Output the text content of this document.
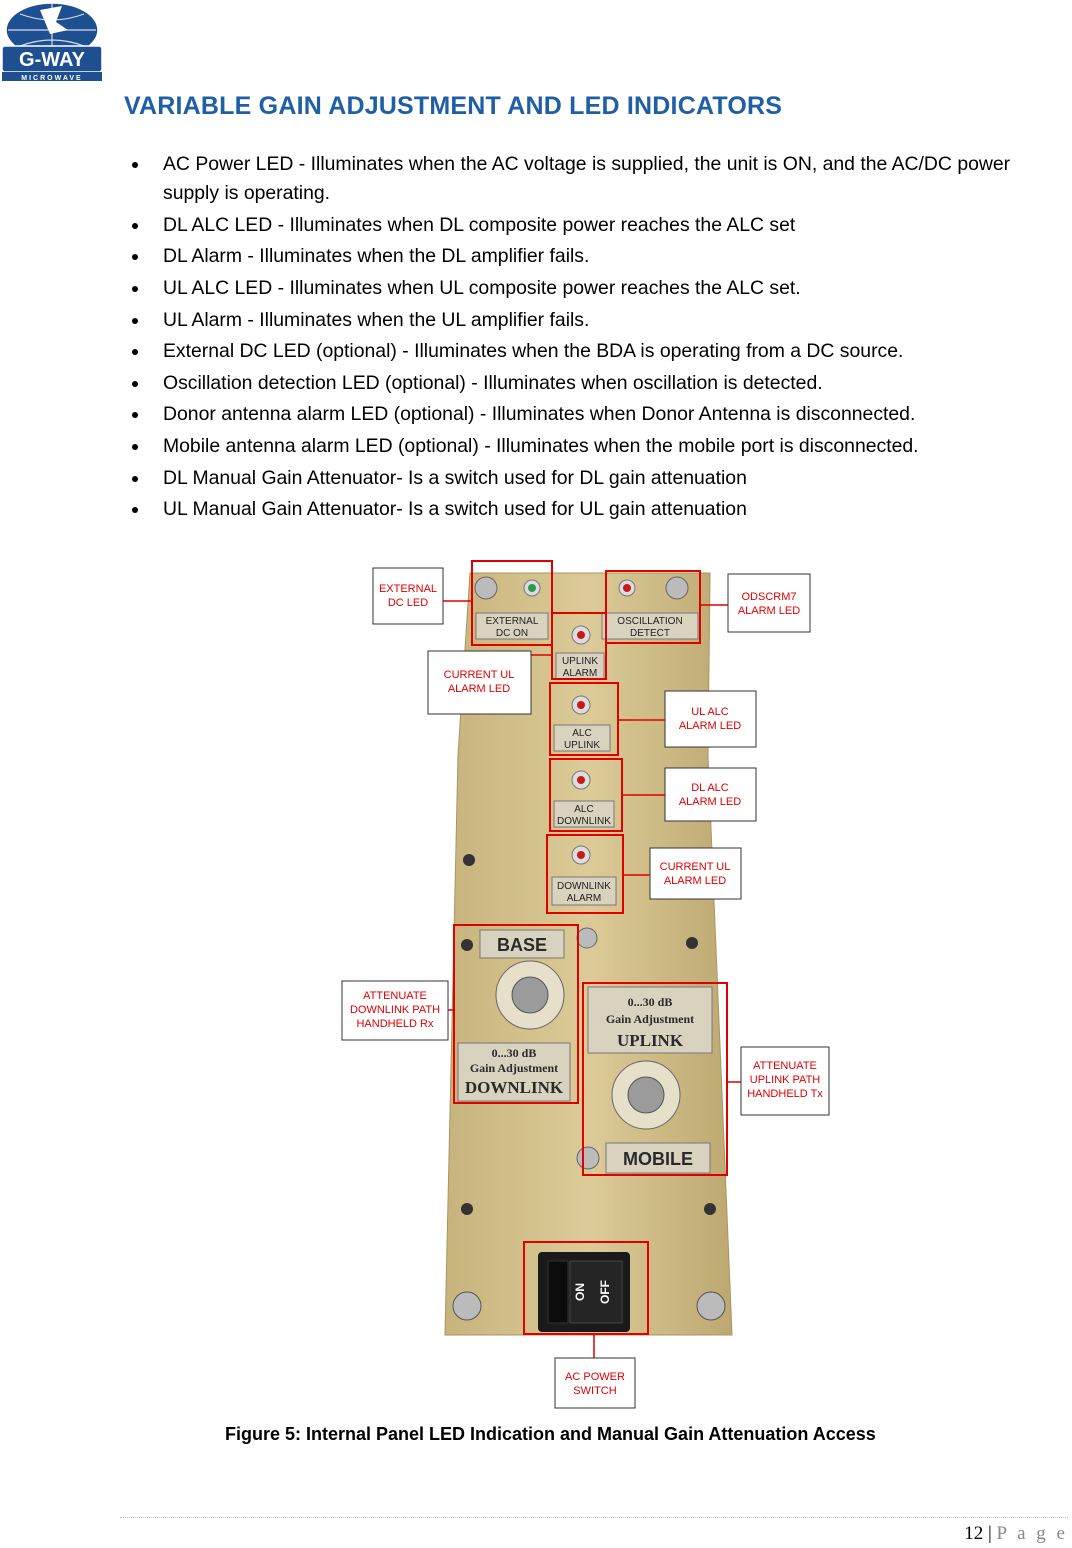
G-WAY
MICROWAVE
VARIABLE GAIN ADJUSTMENT AND LED INDICATORS
AC Power LED - Illuminates when the AC voltage is supplied, the unit is ON, and the AC/DC power supply is operating.
DL ALC LED - Illuminates when DL composite power reaches the ALC set
DL Alarm - Illuminates when the DL amplifier fails.
UL ALC LED - Illuminates when UL composite power reaches the ALC set.
UL Alarm - Illuminates when the UL amplifier fails.
External DC LED (optional) - Illuminates when the BDA is operating from a DC source.
Oscillation detection LED (optional) - Illuminates when oscillation is detected.
Donor antenna alarm LED (optional) - Illuminates when Donor Antenna is disconnected.
Mobile antenna alarm LED (optional) - Illuminates when the mobile port is disconnected.
DL Manual Gain Attenuator- Is a switch used for DL gain attenuation
UL Manual Gain Attenuator- Is a switch used for UL gain attenuation
EXTERNAL
DC ON
OSCILLATION
DETECT
UPLINK
ALARM
ALC
UPLINK
ALC
DOWNLINK
DOWNLINK
ALARM
BASE
0...30 dB
Gain Adjustment
DOWNLINK
0...30 dB
Gain Adjustment
UPLINK
MOBILE
ON OFF
EXTERNAL
DC LED	ODSCRM7
ALARM LED
CURRENT UL
ALARM LED
UL ALC
ALARM LED
DL ALC
ALARM LED
CURRENT UL
ALARM LED
ATTENUATE
DOWNLINK PATH
HANDHELD Rx
ATTENUATE
UPLINK PATH
HANDHELD Tx
AC POWER
SWITCH
Figure 5: Internal Panel LED Indication and Manual Gain Attenuation Access
12 | P a g e
